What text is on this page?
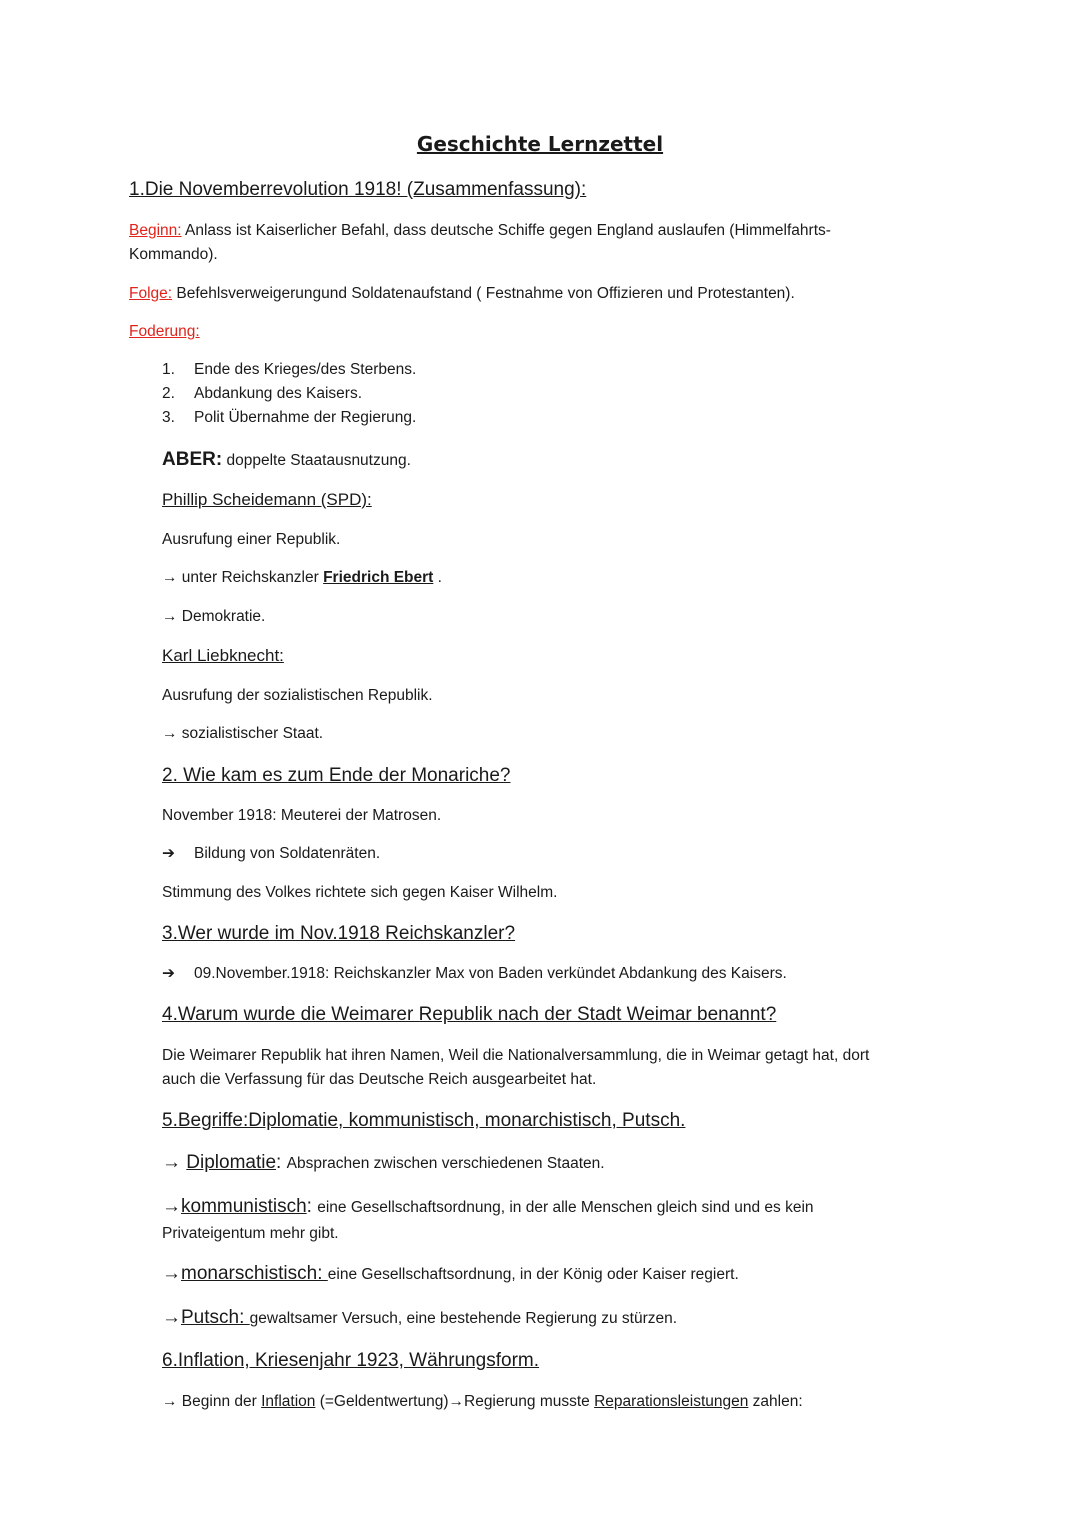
Geschichte Lernzettel
1.Die Novemberrevolution 1918! (Zusammenfassung):
Beginn: Anlass ist Kaiserlicher Befahl, dass deutsche Schiffe gegen England auslaufen (Himmelfahrts-
Kommando).
Folge: Befehlsverweigerungund Soldatenaufstand ( Festnahme von Offizieren und Protestanten).
Foderung:
1. Ende des Krieges/des Sterbens.
2. Abdankung des Kaisers.
3. Polit Übernahme der Regierung.
ABER: doppelte Staatausnutzung.
Phillip Scheidemann (SPD):
Ausrufung einer Republik.
→ unter Reichskanzler Friedrich Ebert .
→ Demokratie.
Karl Liebknecht:
Ausrufung der sozialistischen Republik.
→ sozialistischer Staat.
2. Wie kam es zum Ende der Monariche?
November 1918: Meuterei der Matrosen.
➔ Bildung von Soldatenräten.
Stimmung des Volkes richtete sich gegen Kaiser Wilhelm.
3.Wer wurde im Nov.1918 Reichskanzler?
➔ 09.November.1918: Reichskanzler Max von Baden verkündet Abdankung des Kaisers.
4.Warum wurde die Weimarer Republik nach der Stadt Weimar benannt?
Die Weimarer Republik hat ihren Namen, Weil die Nationalversammlung, die in Weimar getagt hat, dort
auch die Verfassung für das Deutsche Reich ausgearbeitet hat.
5.Begriffe:Diplomatie, kommunistisch, monarchistisch, Putsch.
→ Diplomatie: Absprachen zwischen verschiedenen Staaten.
→kommunistisch: eine Gesellschaftsordnung, in der alle Menschen gleich sind und es kein
Privateigentum mehr gibt.
→monarschistisch: eine Gesellschaftsordnung, in der König oder Kaiser regiert.
→Putsch: gewaltsamer Versuch, eine bestehende Regierung zu stürzen.
6.Inflation, Kriesenjahr 1923, Währungsform.
→ Beginn der Inflation (=Geldentwertung)→Regierung musste Reparationsleistungen zahlen:
